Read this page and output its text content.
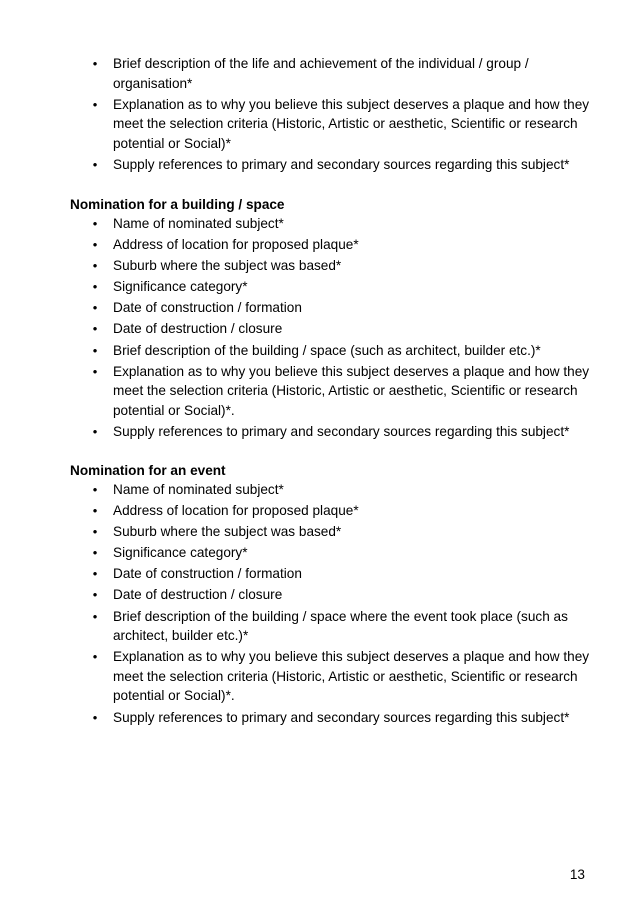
• Brief description of the life and achievement of the individual / group / organisation*
• Explanation as to why you believe this subject deserves a plaque and how they meet the selection criteria (Historic, Artistic or aesthetic, Scientific or research potential or Social)*
• Supply references to primary and secondary sources regarding this subject*
Nomination for a building / space
• Name of nominated subject*
• Address of location for proposed plaque*
• Suburb where the subject was based*
• Significance category*
• Date of construction / formation
• Date of destruction / closure
• Brief description of the building / space (such as architect, builder etc.)*
• Explanation as to why you believe this subject deserves a plaque and how they meet the selection criteria (Historic, Artistic or aesthetic, Scientific or research potential or Social)*.
• Supply references to primary and secondary sources regarding this subject*
Nomination for an event
• Name of nominated subject*
• Address of location for proposed plaque*
• Suburb where the subject was based*
• Significance category*
• Date of construction / formation
• Date of destruction / closure
• Brief description of the building / space where the event took place (such as architect, builder etc.)*
• Explanation as to why you believe this subject deserves a plaque and how they meet the selection criteria (Historic, Artistic or aesthetic, Scientific or research potential or Social)*.
• Supply references to primary and secondary sources regarding this subject*
13
